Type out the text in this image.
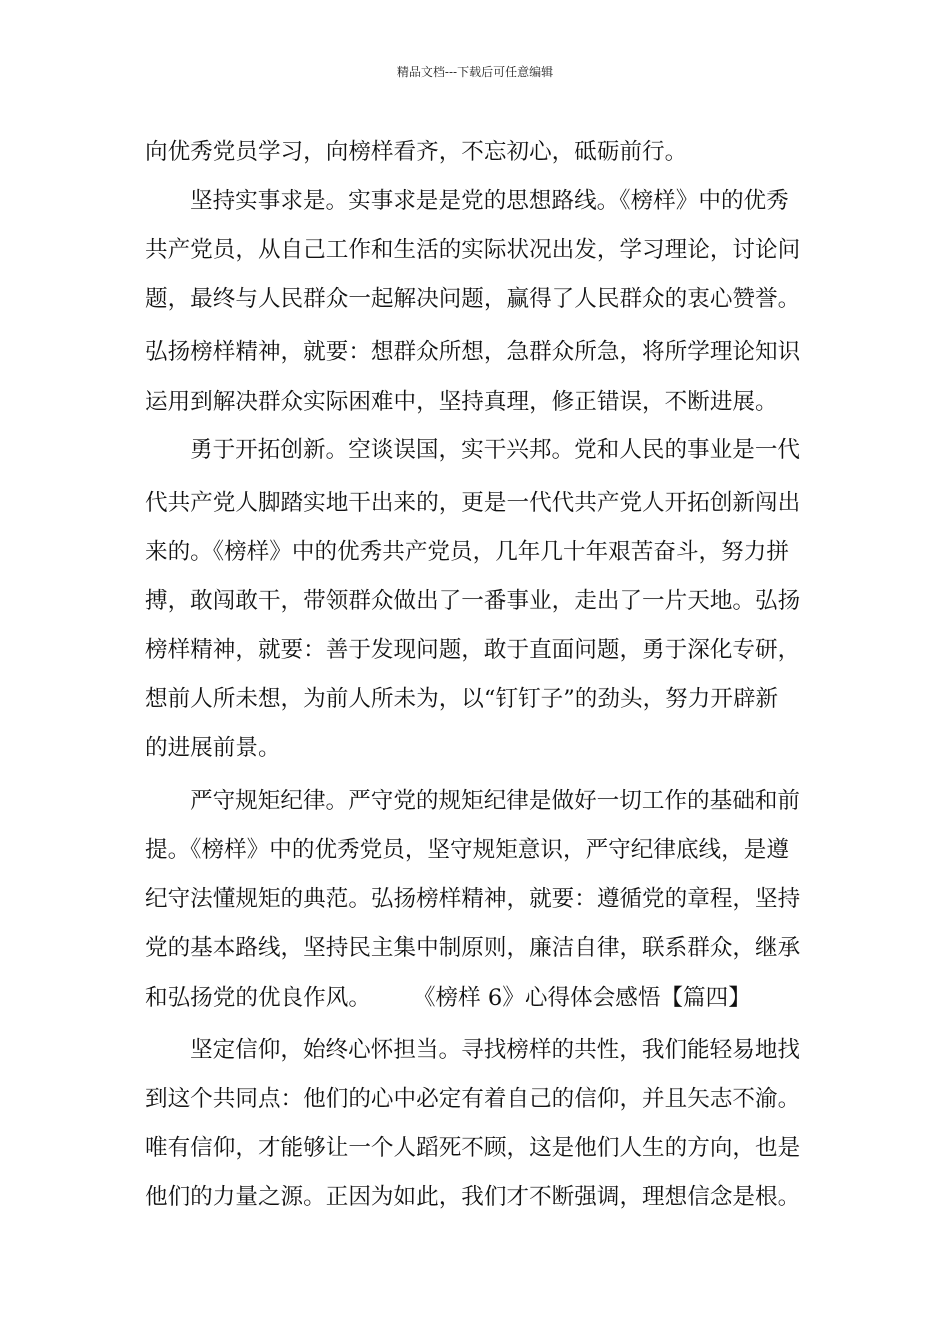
精品文档---下载后可任意编辑
向优秀党员学习，向榜样看齐，不忘初心，砥砺前行。
坚持实事求是。实事求是是党的思想路线。《榜样》中的优秀
共产党员，从自己工作和生活的实际状况出发，学习理论，讨论问
题，最终与人民群众一起解决问题，赢得了人民群众的衷心赞誉。
弘扬榜样精神，就要：想群众所想，急群众所急，将所学理论知识
运用到解决群众实际困难中，坚持真理，修正错误，不断进展。
勇于开拓创新。空谈误国，实干兴邦。党和人民的事业是一代
代共产党人脚踏实地干出来的，更是一代代共产党人开拓创新闯出
来的。《榜样》中的优秀共产党员，几年几十年艰苦奋斗，努力拼
搏，敢闯敢干，带领群众做出了一番事业，走出了一片天地。弘扬
榜样精神，就要：善于发现问题，敢于直面问题，勇于深化专研，
想前人所未想，为前人所未为，以“钉钉子”的劲头，努力开辟新
的进展前景。
严守规矩纪律。严守党的规矩纪律是做好一切工作的基础和前
提。《榜样》中的优秀党员，坚守规矩意识，严守纪律底线，是遵
纪守法懂规矩的典范。弘扬榜样精神，就要：遵循党的章程，坚持
党的基本路线，坚持民主集中制原则，廉洁自律，联系群众，继承
和弘扬党的优良作风。 《榜样 6》心得体会感悟【篇四】
坚定信仰，始终心怀担当。寻找榜样的共性，我们能轻易地找
到这个共同点：他们的心中必定有着自己的信仰，并且矢志不渝。
唯有信仰，才能够让一个人蹈死不顾，这是他们人生的方向，也是
他们的力量之源。正因为如此，我们才不断强调，理想信念是根。
